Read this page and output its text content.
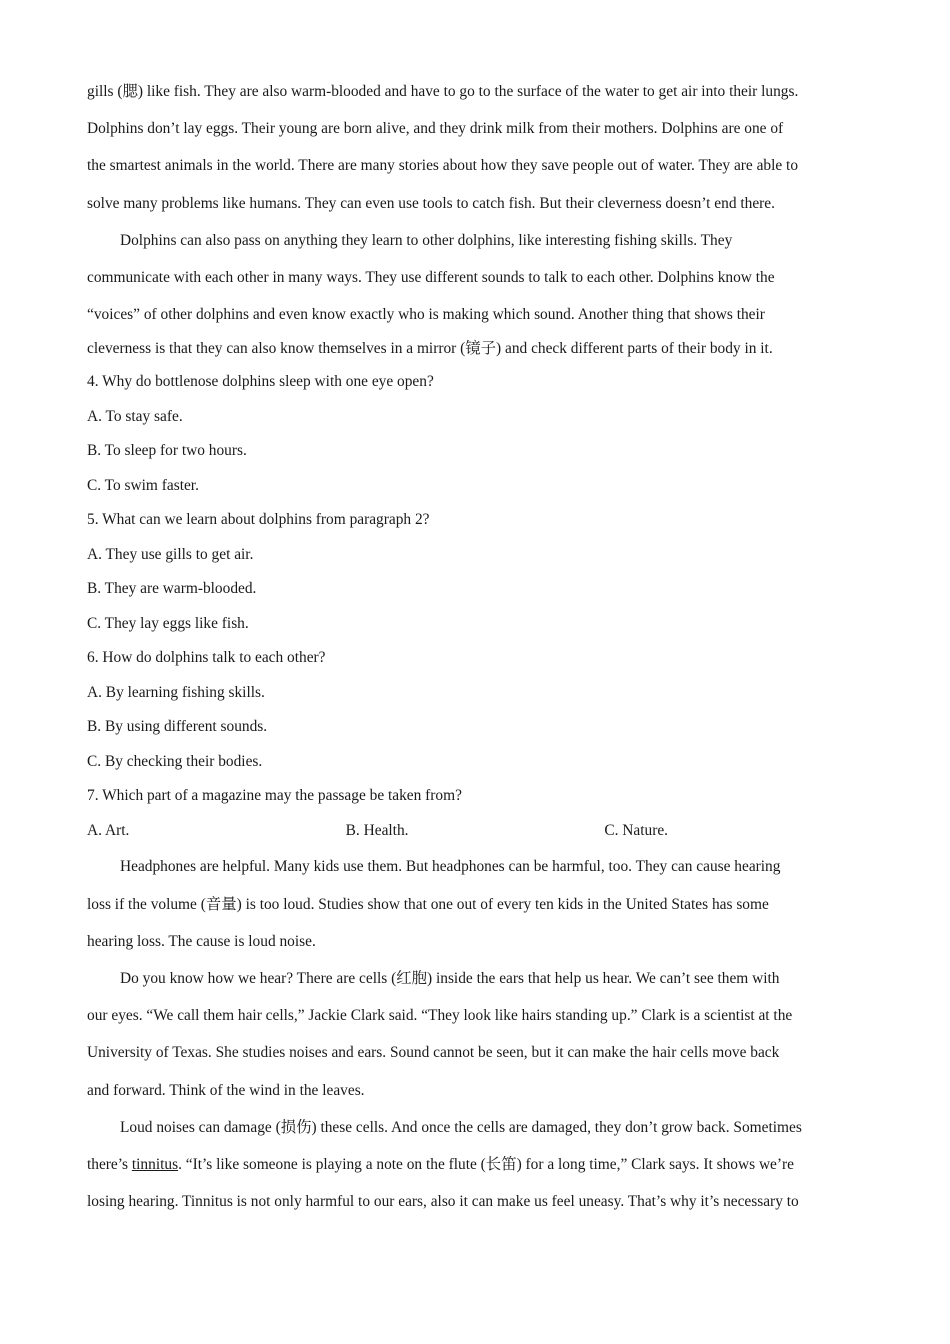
gills (腮) like fish. They are also warm-blooded and have to go to the surface of the water to get air into their lungs.

Dolphins don’t lay eggs. Their young are born alive, and they drink milk from their mothers. Dolphins are one of

the smartest animals in the world. There are many stories about how they save people out of water. They are able to

solve many problems like humans. They can even use tools to catch fish. But their cleverness doesn’t end there.

Dolphins can also pass on anything they learn to other dolphins, like interesting fishing skills. They

communicate with each other in many ways. They use different sounds to talk to each other. Dolphins know the

“voices” of other dolphins and even know exactly who is making which sound. Another thing that shows their

cleverness is that they can also know themselves in a mirror (镜子) and check different parts of their body in it.

4. Why do bottlenose dolphins sleep with one eye open?

A. To stay safe.

B. To sleep for two hours.

C. To swim faster.

5. What can we learn about dolphins from paragraph 2?

A. They use gills to get air.

B. They are warm-blooded.

C. They lay eggs like fish.

6. How do dolphins talk to each other?

A. By learning fishing skills.

B. By using different sounds.

C. By checking their bodies.

7. Which part of a magazine may the passage be taken from?

A. Art.	B. Health.	C. Nature.

Headphones are helpful. Many kids use them. But headphones can be harmful, too. They can cause hearing

loss if the volume (音量) is too loud. Studies show that one out of every ten kids in the United States has some

hearing loss. The cause is loud noise.

Do you know how we hear? There are cells (红胞) inside the ears that help us hear. We can’t see them with

our eyes. “We call them hair cells,” Jackie Clark said. “They look like hairs standing up.” Clark is a scientist at the

University of Texas. She studies noises and ears. Sound cannot be seen, but it can make the hair cells move back

and forward. Think of the wind in the leaves.

Loud noises can damage (损伤) these cells. And once the cells are damaged, they don’t grow back. Sometimes

there’s tinnitus. “It’s like someone is playing a note on the flute (长笛) for a long time,” Clark says. It shows we’re

losing hearing. Tinnitus is not only harmful to our ears, also it can make us feel uneasy. That’s why it’s necessary to
